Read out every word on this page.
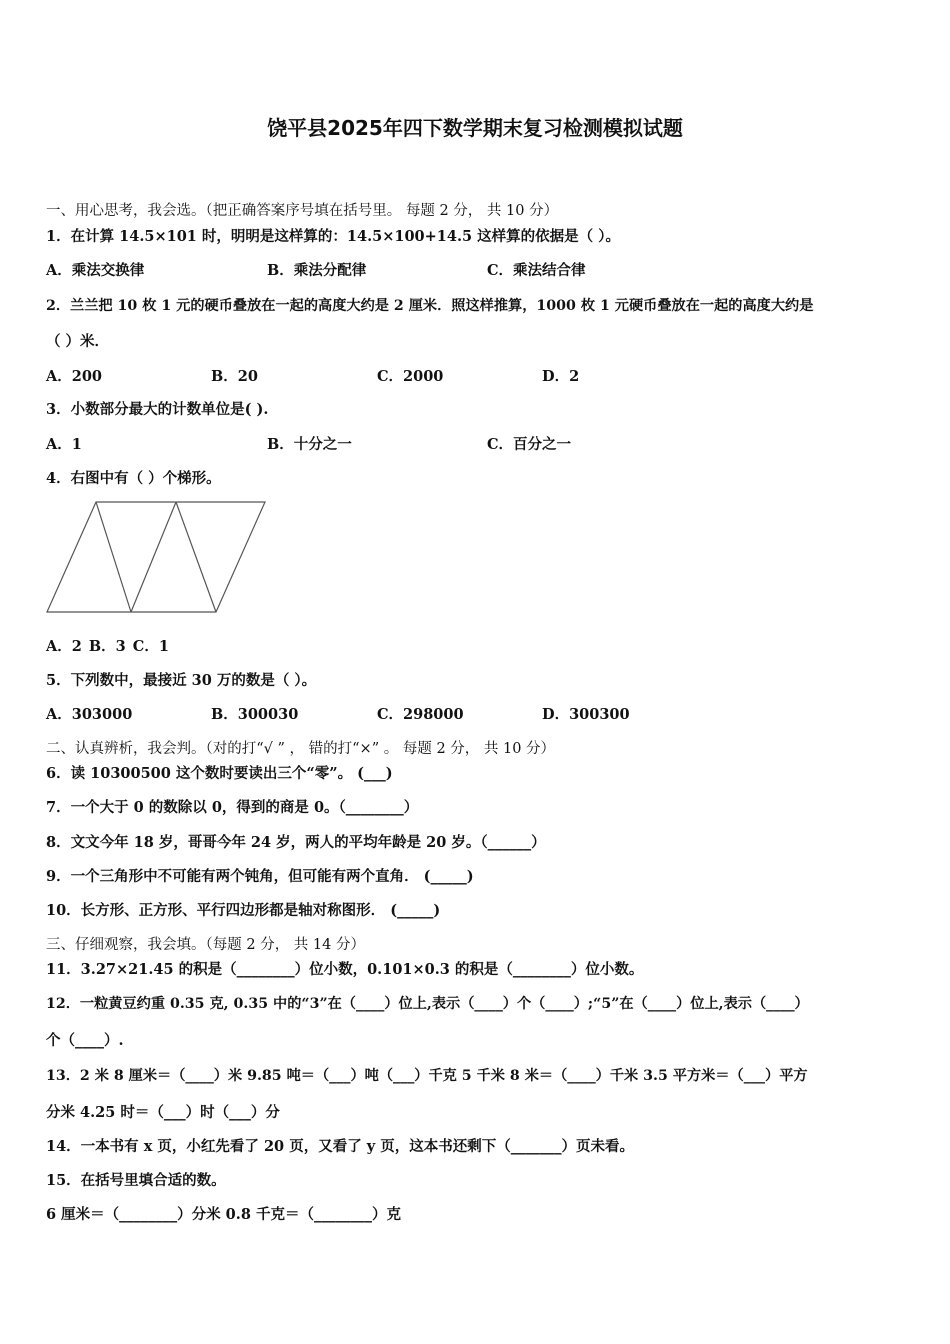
饶平县2025年四下数学期末复习检测模拟试题
一、用心思考，我会选。（把正确答案序号填在括号里。 每题 2 分， 共 10 分）
1．在计算 14.5×101 时，明明是这样算的：14.5×100+14.5 这样算的依据是（ ）。
A．乘法交换律	B．乘法分配律	C．乘法结合律
2．兰兰把 10 枚 1 元的硬币叠放在一起的高度大约是 2 厘米．照这样推算，1000 枚 1 元硬币叠放在一起的高度大约是
（ ）米．
A．200	B．20	C．2000	D．2
3．小数部分最大的计数单位是( ).
A．1	B．十分之一	C．百分之一
4．右图中有（ ）个梯形。
A．2 B．3 C．1
5．下列数中，最接近 30 万的数是（ ）。
A．303000	B．300030	C．298000	D．300300
二、认真辨析，我会判。（对的打“√ ” ， 错的打“×” 。 每题 2 分， 共 10 分）
6．读 10300500 这个数时要读出三个“零”。 (___)
7．一个大于 0 的数除以 0，得到的商是 0。（________）
8．文文今年 18 岁，哥哥今年 24 岁，两人的平均年龄是 20 岁。（______）
9．一个三角形中不可能有两个钝角，但可能有两个直角． (_____)
10．长方形、正方形、平行四边形都是轴对称图形． (_____)
三、仔细观察，我会填。（每题 2 分， 共 14 分）
11．3.27×21.45 的积是（________）位小数，0.101×0.3 的积是（________）位小数。
12．一粒黄豆约重 0.35 克, 0.35 中的“3”在（____）位上,表示（____）个（____）;“5”在（____）位上,表示（____）
个（____）.
13．2 米 8 厘米＝（____）米 9.85 吨＝（___）吨（___）千克 5 千米 8 米＝（____）千米 3.5 平方米＝（___）平方
分米 4.25 时＝（___）时（___）分
14．一本书有 x 页，小红先看了 20 页，又看了 y 页，这本书还剩下（_______）页未看。
15．在括号里填合适的数。
6 厘米＝（________）分米 0.8 千克＝（________）克
